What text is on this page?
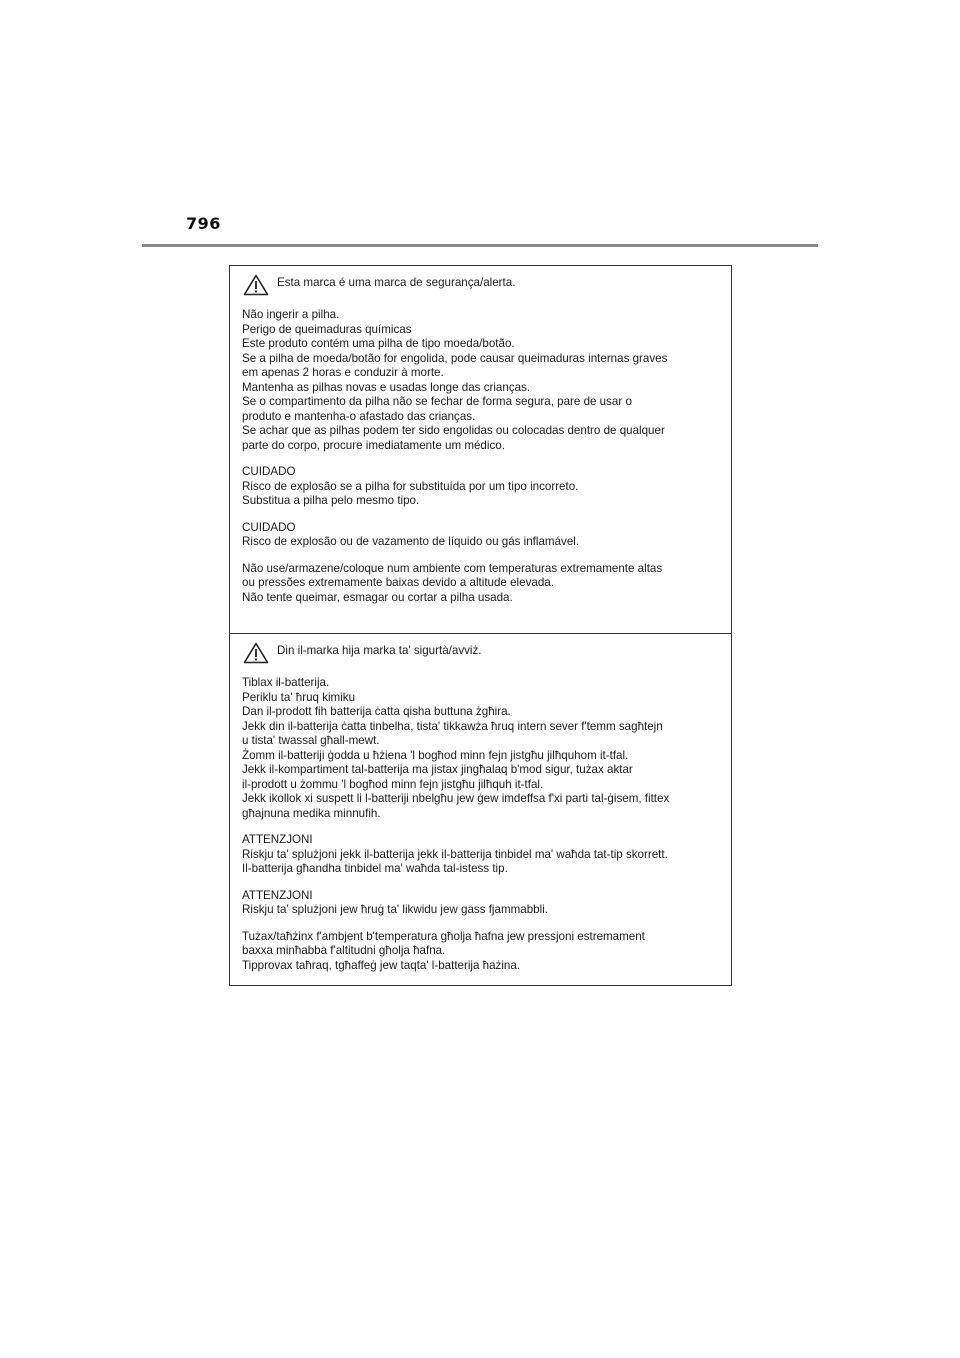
796
Esta marca é uma marca de segurança/alerta.
Não ingerir a pilha.
Perigo de queimaduras químicas
Este produto contém uma pilha de tipo moeda/botão.
Se a pilha de moeda/botão for engolida, pode causar queimaduras internas graves
em apenas 2 horas e conduzir à morte.
Mantenha as pilhas novas e usadas longe das crianças.
Se o compartimento da pilha não se fechar de forma segura, pare de usar o
produto e mantenha-o afastado das crianças.
Se achar que as pilhas podem ter sido engolidas ou colocadas dentro de qualquer
parte do corpo, procure imediatamente um médico.
CUIDADO
Risco de explosão se a pilha for substituída por um tipo incorreto.
Substitua a pilha pelo mesmo tipo.
CUIDADO
Risco de explosão ou de vazamento de líquido ou gás inflamável.
Não use/armazene/coloque num ambiente com temperaturas extremamente altas
ou pressões extremamente baixas devido a altitude elevada.
Não tente queimar, esmagar ou cortar a pilha usada.
Din il-marka hija marka ta' sigurtà/avviż.
Tiblax il-batterija.
Periklu ta' ħruq kimiku
Dan il-prodott fih batterija ċatta qisha buttuna żgħira.
Jekk din il-batterija ċatta tinbelha, tista' tikkawża ħruq intern sever f'temm sagħtejn
u tista' twassal għall-mewt.
Żomm il-batteriji ġodda u ħżiena 'l bogħod minn fejn jistgħu jilħquhom it-tfal.
Jekk il-kompartiment tal-batterija ma jistax jingħalaq b'mod sigur, tużax aktar
il-prodott u żommu 'l bogħod minn fejn jistgħu jilħquh it-tfal.
Jekk ikollok xi suspett li l-batteriji nbelgħu jew ġew imdeffsa f'xi parti tal-ġisem, fittex
għajnuna medika minnufih.
ATTENZJONI
Riskju ta' splużjoni jekk il-batterija jekk il-batterija tinbidel ma' waħda tat-tip skorrett.
Il-batterija għandha tinbidel ma' waħda tal-istess tip.
ATTENZJONI
Riskju ta' splużjoni jew ħruġ ta' likwidu jew gass fjammabbli.
Tużax/taħżinx f'ambjent b'temperatura għolja ħafna jew pressjoni estremament
baxxa minħabba f'altitudni għolja ħafna.
Tipprovax taħraq, tgħaffeġ jew taqta' l-batterija ħażina.
